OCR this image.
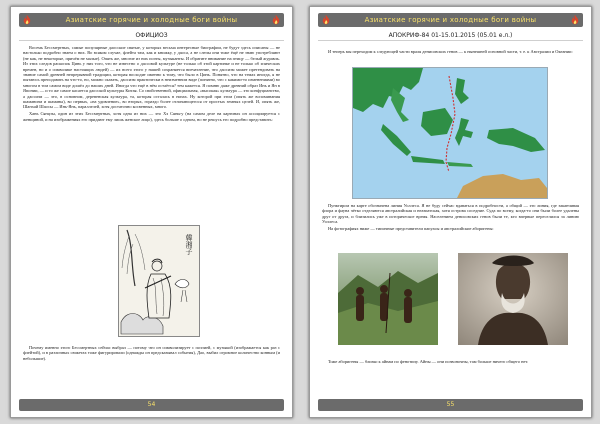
Азиатские горячие и холодные боги войны
ОФИЦИОЗ

Восемь Бессмертных, самые популярные даосские святые, у которых весьма интересные биографии, не будут здесь описаны — не настолько подробно знаем о них. Во всяком случае, флейта там, как и книжку, у даоса, а не слепы они тоже ёщё не знаю употребляют (не как, не некоторые, причём не малые). Опять же, многие из них поэты, музыканты. И обратите внимание на птицу — белый журавль. Из этих следов раскопок Цинь у них того, что не известно о дассовой культуре (не только об этой картинке и не только об эпических времен, но и о символике настоящих людей) — их всего этого у нашей сохраняется впечатление, что даосизм может претендовать на знание самой древней непрерывной традиции, которая восходит именно к тому, что было в Цинь. Понятно, что на темах иногда, я не пытаюсь преподавать на что-то, но, можно сказать, даосизм практически в неизменном виде (понятно, что с какими-то изменениями) во многом в том самом виде дошёл до наших дней. Иногда что ещё в нём остаётся? тем кажется. Я помню даже древний образ Инь и Ян в Японии, — и то же самое касается даосской культуры Китая. Со свойственной, официальная, «высокая» культура — это конфуцианство, а даосизм — это, в основном, деревенская культура, та, которая осталась в низах. Ну которой при этом (опять же вспоминания шаманизм и шаманы), во первых, «на удивление», во вторых, гораздо более отличающегося от простых земных целей. И, опять же, Шанхай Шаосы — Инь-Янь, параллелей, хотя достаточно косвенных, много.

Хань Сянцзы, один из этих Бессмертных, хотя одна из них — это Хэ Сяньгу (на самом деле на картинах он ассоциируется с женщиной, и на изображениях его придают ему лишь женское лицо), здесь больше о одном, но не решусь его подробно представить:

韓湘子

Почему именно этого Бессмертных сейчас выбрал — потому что он символизирует с поэзией, с музыкой (изображается как раз с флейтой), и в различных сюжетах тоже фигурировали (однажды он предсказывал события), Дао, выбил огромное количество конным (и небольшие).

54
Азиатские горячие и холодные боги войны
АПОКРИФ-84 01-15.01.2015 (05.01 е.л.)

И теперь мы переходим к следующей части враля денисовских генов — к нынешней основной части, т. е. к Австралии и Океании:

Пунктиром на карте обозначена линия Уоллеса. Я не буду сейчас вдаваться в подробности, а общий — это линия, где заканчивая флора и фауна чётко отделяются австралийская и неазиатская, хотя острова соседние. Суда по всему, когда-то они были более удалены друг от друга, и близились уже в историческое время. Населением денисовских генов были те, кто впервые переселился за линию Уоллеса.

На фотографиях ниже — типичные представители папуасы и австралийские аборигены:

Тоже аборигены — близко к айнам по фенотипу. Айны — они позвоночны, там больше ничего общего нет.

55
